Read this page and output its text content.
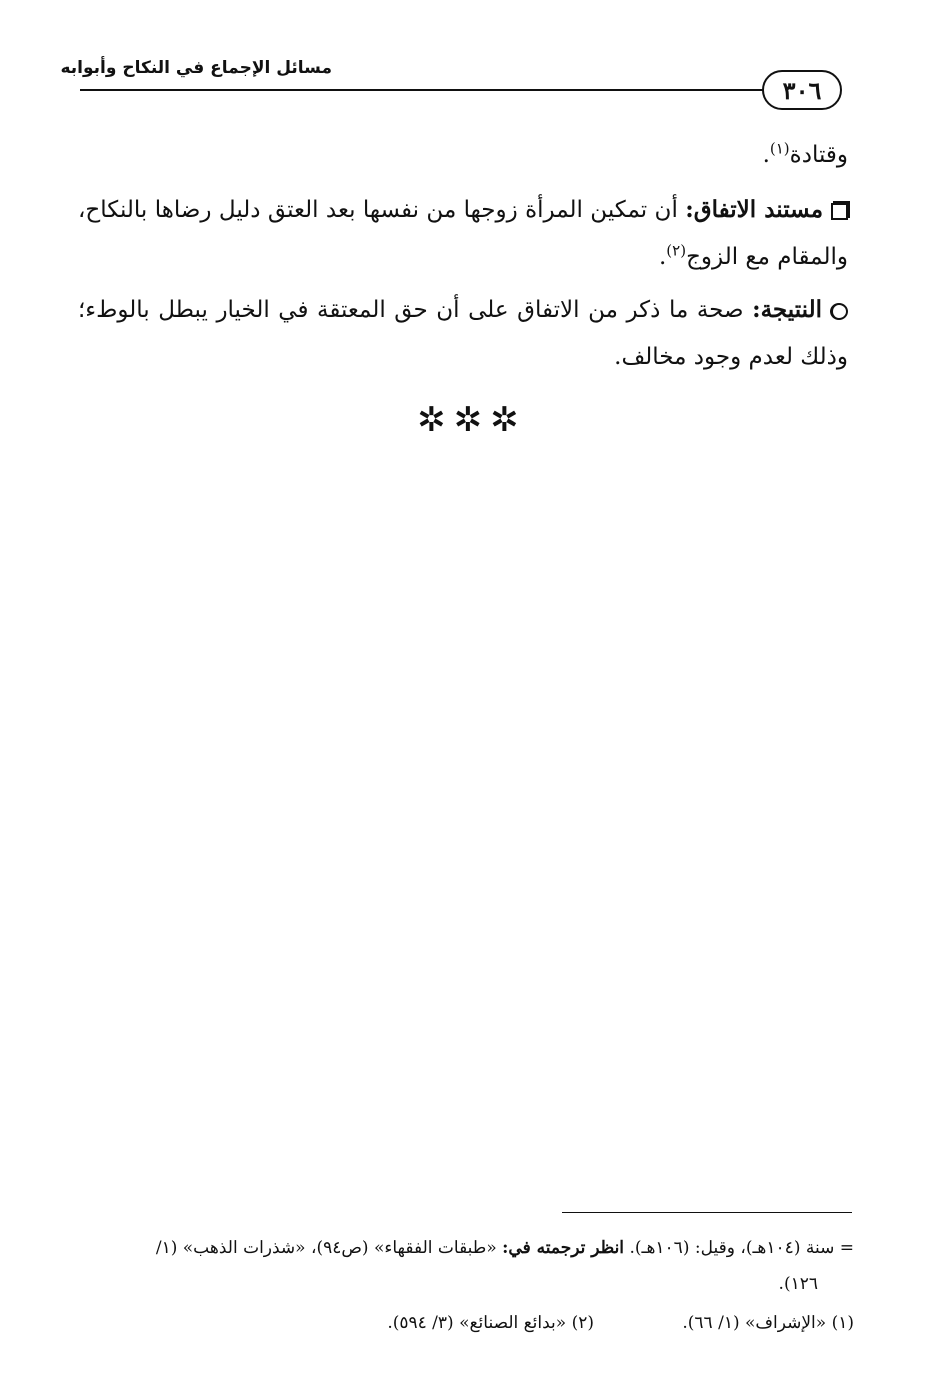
٣٠٦
مسائل الإجماع في النكاح وأبوابه
وقتادة$^{(١)}$.
مستند الاتفاق: أن تمكين المرأة زوجها من نفسها بعد العتق دليل رضاها بالنكاح، والمقام مع الزوج$^{(٢)}$.
النتيجة: صحة ما ذكر من الاتفاق على أن حق المعتقة في الخيار يبطل بالوطء؛ وذلك لعدم وجود مخالف.
✲✲✲
= سنة (١٠٤هـ)، وقيل: (١٠٦هـ). انظر ترجمته في: «طبقات الفقهاء» (ص٩٤)، «شذرات الذهب» (١/
١٢٦).
(١) «الإشراف» (١/ ٦٦).
(٢) «بدائع الصنائع» (٣/ ٥٩٤).
